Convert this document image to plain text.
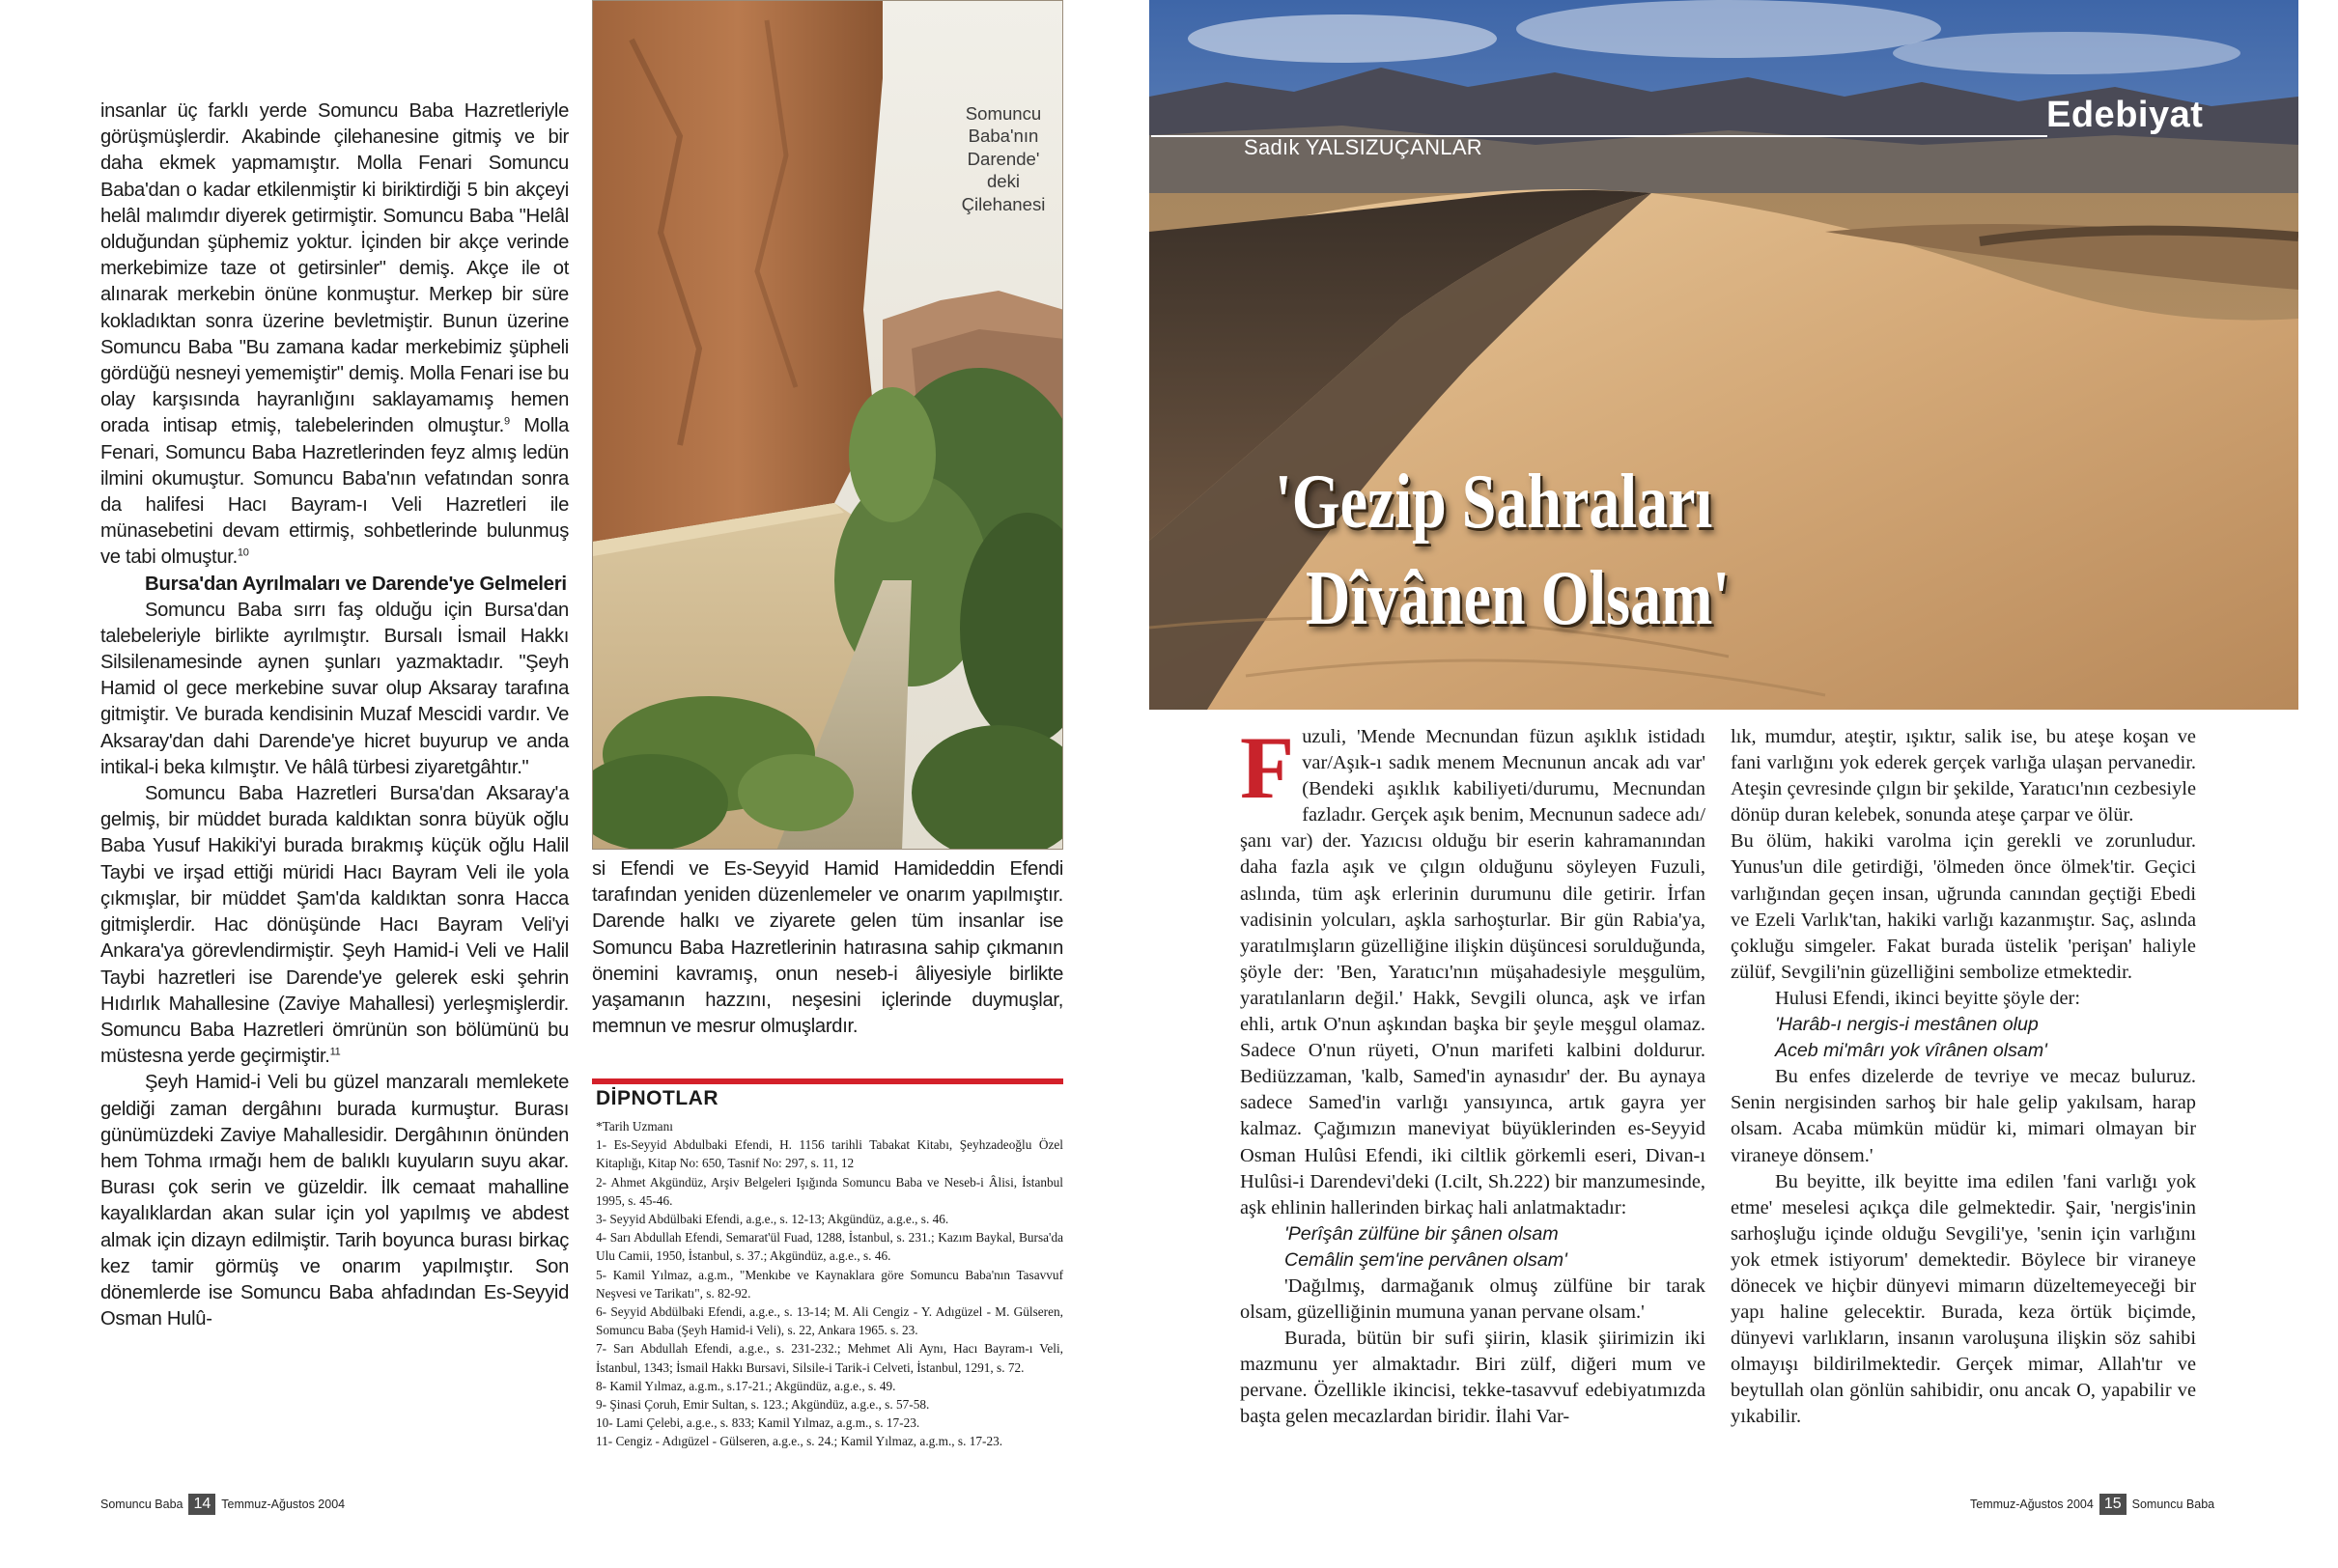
insanlar üç farklı yerde Somuncu Baba Hazretleriyle görüşmüşlerdir. Akabinde çilehanesine gitmiş ve bir daha ekmek yapmamıştır. Molla Fenari Somuncu Baba'dan o kadar etkilenmiştir ki biriktirdiği 5 bin akçeyi helâl malımdır diyerek getirmiştir. Somuncu Baba "Helâl olduğundan şüphemiz yoktur. İçinden bir akçe verinde merkebimize taze ot getirsinler" demiş. Akçe ile ot alınarak merkebin önüne konmuştur. Merkep bir süre kokladıktan sonra üzerine bevletmiştir. Bunun üzerine Somuncu Baba "Bu zamana kadar merkebimiz şüpheli gördüğü nesneyi yememiştir" demiş. Molla Fenari ise bu olay karşısında hayranlığını saklayamamış hemen orada intisap etmiş, talebelerinden olmuştur.$^9$ Molla Fenari, Somuncu Baba Hazretlerinden feyz almış ledün ilmini okumuştur. Somuncu Baba'nın vefatından sonra da halifesi Hacı Bayram-ı Veli Hazretleri ile münasebetini devam ettirmiş, sohbetlerinde bulunmuş ve tabi olmuştur.$^{10}$

Bursa'dan Ayrılmaları ve Darende'ye Gelmeleri

Somuncu Baba sırrı faş olduğu için Bursa'dan talebeleriyle birlikte ayrılmıştır. Bursalı İsmail Hakkı Silsilenamesinde aynen şunları yazmaktadır. "Şeyh Hamid ol gece merkebine suvar olup Aksaray tarafına gitmiştir. Ve burada kendisinin Muzaf Mescidi vardır. Ve Aksaray'dan dahi Darende'ye hicret buyurup ve anda intikal-i beka kılmıştır. Ve hâlâ türbesi ziyaretgâhtır."

Somuncu Baba Hazretleri Bursa'dan Aksaray'a gelmiş, bir müddet burada kaldıktan sonra büyük oğlu Baba Yusuf Hakiki'yi burada bırakmış küçük oğlu Halil Taybi ve irşad ettiği müridi Hacı Bayram Veli ile yola çıkmışlar, bir müddet Şam'da kaldıktan sonra Hacca gitmişlerdir. Hac dönüşünde Hacı Bayram Veli'yi Ankara'ya görevlendirmiştir. Şeyh Hamid-i Veli ve Halil Taybi hazretleri ise Darende'ye gelerek eski şehrin Hıdırlık Mahallesine (Zaviye Mahallesi) yerleşmişlerdir. Somuncu Baba Hazretleri ömrünün son bölümünü bu müstesna yerde geçirmiştir.$^{11}$

Şeyh Hamid-i Veli bu güzel manzaralı memlekete geldiği zaman dergâhını burada kurmuştur. Burası günümüzdeki Zaviye Mahallesidir. Dergâhının önünden hem Tohma ırmağı hem de balıklı kuyuların suyu akar. Burası çok serin ve güzeldir. İlk cemaat mahalline kayalıklardan akan sular için yol yapılmış ve abdest almak için dizayn edilmiştir. Tarih boyunca burası birkaç kez tamir görmüş ve onarım yapılmıştır. Son dönemlerde ise Somuncu Baba ahfadından Es-Seyyid Osman Hulû-

Somuncu Baba'nın Darende' deki Çilehanesi
si Efendi ve Es-Seyyid Hamid Hamideddin Efendi tarafından yeniden düzenlemeler ve onarım yapılmıştır. Darende halkı ve ziyarete gelen tüm insanlar ise Somuncu Baba Hazretlerinin hatırasına sahip çıkmanın önemini kavramış, onun neseb-i âliyesiyle birlikte yaşamanın hazzını, neşesini içlerinde duymuşlar, memnun ve mesrur olmuşlardır.
DİPNOTLAR
*Tarih Uzmanı
1- Es-Seyyid Abdulbaki Efendi, H. 1156 tarihli Tabakat Kitabı, Şeyhzadeoğlu Özel Kitaplığı, Kitap No: 650, Tasnif No: 297, s. 11, 12
2- Ahmet Akgündüz, Arşiv Belgeleri Işığında Somuncu Baba ve Neseb-i Âlisi, İstanbul 1995, s. 45-46.
3- Seyyid Abdülbaki Efendi, a.g.e., s. 12-13; Akgündüz, a.g.e., s. 46.
4- Sarı Abdullah Efendi, Semarat'ül Fuad, 1288, İstanbul, s. 231.; Kazım Baykal, Bursa'da Ulu Camii, 1950, İstanbul, s. 37.; Akgündüz, a.g.e., s. 46.
5- Kamil Yılmaz, a.g.m., "Menkıbe ve Kaynaklara göre Somuncu Baba'nın Tasavvuf Neşvesi ve Tarikatı", s. 82-92.
6- Seyyid Abdülbaki Efendi, a.g.e., s. 13-14; M. Ali Cengiz - Y. Adıgüzel - M. Gülseren, Somuncu Baba (Şeyh Hamid-i Veli), s. 22, Ankara 1965. s. 23.
7- Sarı Abdullah Efendi, a.g.e., s. 231-232.; Mehmet Ali Aynı, Hacı Bayram-ı Veli, İstanbul, 1343; İsmail Hakkı Bursavi, Silsile-i Tarik-i Celveti, İstanbul, 1291, s. 72.
8- Kamil Yılmaz, a.g.m., s.17-21.; Akgündüz, a.g.e., s. 49.
9- Şinasi Çoruh, Emir Sultan, s. 123.; Akgündüz, a.g.e., s. 57-58.
10- Lami Çelebi, a.g.e., s. 833; Kamil Yılmaz, a.g.m., s. 17-23.
11- Cengiz - Adıgüzel - Gülseren, a.g.e., s. 24.; Kamil Yılmaz, a.g.m., s. 17-23.
Somuncu Baba 14 Temmuz-Ağustos 2004
Sadık YALSIZUÇANLAR
Edebiyat
'Gezip Sahraları

Dîvânen Olsam'
F uzuli, 'Mende Mecnundan füzun aşıklık istidadı var/Aşık-ı sadık menem Mecnunun ancak adı var' (Bendeki aşıklık kabiliyeti/durumu, Mecnundan fazladır. Gerçek aşık benim, Mecnunun sadece adı/şanı var) der. Yazıcısı olduğu bir eserin kahramanından daha fazla aşık ve çılgın olduğunu söyleyen Fuzuli, aslında, tüm aşk erlerinin durumunu dile getirir. İrfan vadisinin yolcuları, aşkla sarhoşturlar. Bir gün Rabia'ya, yaratılmışların güzelliğine ilişkin düşüncesi sorulduğunda, şöyle der: 'Ben, Yaratıcı'nın müşahadesiyle meşgulüm, yaratılanların değil.' Hakk, Sevgili olunca, aşk ve irfan ehli, artık O'nun aşkından başka bir şeyle meşgul olamaz. Sadece O'nun rüyeti, O'nun marifeti kalbini doldurur. Bediüzzaman, 'kalb, Samed'in aynasıdır' der. Bu aynaya sadece Samed'in varlığı yansıyınca, artık gayra yer kalmaz. Çağımızın maneviyat büyüklerinden es-Seyyid Osman Hulûsi Efendi, iki ciltlik görkemli eseri, Divan-ı Hulûsi-i Darendevi'deki (I.cilt, Sh.222) bir manzumesinde, aşk ehlinin hallerinden birkaç hali anlatmaktadır:

'Perîşân zülfüne bir şânen olsam

Cemâlin şem'ine pervânen olsam'

'Dağılmış, darmağanık olmuş zülfüne bir tarak olsam, güzelliğinin mumuna yanan pervane olsam.'

Burada, bütün bir sufi şiirin, klasik şiirimizin iki mazmunu yer almaktadır. Biri zülf, diğeri mum ve pervane. Özellikle ikincisi, tekke-tasavvuf edebiyatımızda başta gelen mecazlardan biridir. İlahi Var-

lık, mumdur, ateştir, ışıktır, salik ise, bu ateşe koşan ve fani varlığını yok ederek gerçek varlığa ulaşan pervanedir. Ateşin çevresinde çılgın bir şekilde, Yaratıcı'nın cezbesiyle dönüp duran kelebek, sonunda ateşe çarpar ve ölür.

Bu ölüm, hakiki varolma için gerekli ve zorunludur. Yunus'un dile getirdiği, 'ölmeden önce ölmek'tir. Geçici varlığından geçen insan, uğrunda canından geçtiği Ebedi ve Ezeli Varlık'tan, hakiki varlığı kazanmıştır. Saç, aslında çokluğu simgeler. Fakat burada üstelik 'perişan' haliyle zülüf, Sevgili'nin güzelliğini sembolize etmektedir.

Hulusi Efendi, ikinci beyitte şöyle der:

'Harâb-ı nergis-i mestânen olup

Aceb mi'mârı yok vîrânen olsam'

Bu enfes dizelerde de tevriye ve mecaz buluruz. Senin nergisinden sarhoş bir hale gelip yakılsam, harap olsam. Acaba mümkün müdür ki, mimari olmayan bir viraneye dönsem.'

Bu beyitte, ilk beyitte ima edilen 'fani varlığı yok etme' meselesi açıkça dile gelmektedir. Şair, 'nergis'inin sarhoşluğu içinde olduğu Sevgili'ye, 'senin için varlığını yok etmek istiyorum' demektedir. Böylece bir viraneye dönecek ve hiçbir dünyevi mimarın düzeltemeyeceği bir yapı haline gelecektir. Burada, keza örtük biçimde, dünyevi varlıkların, insanın varoluşuna ilişkin söz sahibi olmayışı bildirilmektedir. Gerçek mimar, Allah'tır ve beytullah olan gönlün sahibidir, onu ancak O, yapabilir ve yıkabilir.

Temmuz-Ağustos 2004 15 Somuncu Baba
